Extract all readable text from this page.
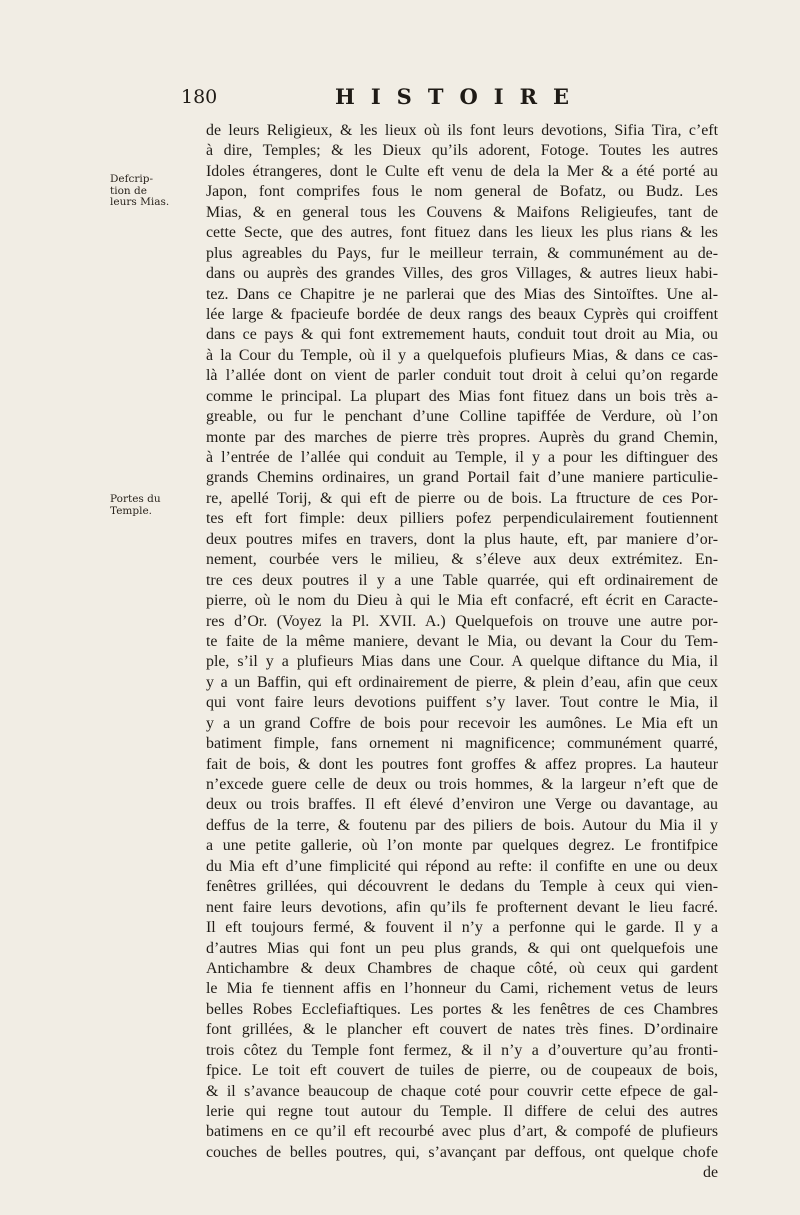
180	HISTOIRE
Defcrip-
tion de
leurs Mias.
Portes du
Temple.
de leurs Religieux, & les lieux où ils font leurs devotions, Sifia Tira, c’eft
à dire, Temples; & les Dieux qu’ils adorent, Fotoge. Toutes les autres
Idoles étrangeres, dont le Culte eft venu de dela la Mer & a été porté au
Japon, font comprifes fous le nom general de Bofatz, ou Budz. Les
Mias, & en general tous les Couvens & Maifons Religieufes, tant de
cette Secte, que des autres, font fituez dans les lieux les plus rians & les
plus agreables du Pays, fur le meilleur terrain, & communément au de-
dans ou auprès des grandes Villes, des gros Villages, & autres lieux habi-
tez. Dans ce Chapitre je ne parlerai que des Mias des Sintoïftes. Une al-
lée large & fpacieufe bordée de deux rangs des beaux Cyprès qui croiffent
dans ce pays & qui font extremement hauts, conduit tout droit au Mia, ou
à la Cour du Temple, où il y a quelquefois plufieurs Mias, & dans ce cas-
là l’allée dont on vient de parler conduit tout droit à celui qu’on regarde
comme le principal. La plupart des Mias font fituez dans un bois très a-
greable, ou fur le penchant d’une Colline tapiffée de Verdure, où l’on
monte par des marches de pierre très propres. Auprès du grand Chemin,
à l’entrée de l’allée qui conduit au Temple, il y a pour les diftinguer des
grands Chemins ordinaires, un grand Portail fait d’une maniere particulie-
re, apellé Torij, & qui eft de pierre ou de bois. La ftructure de ces Por-
tes eft fort fimple: deux pilliers pofez perpendiculairement foutiennent
deux poutres mifes en travers, dont la plus haute, eft, par maniere d’or-
nement, courbée vers le milieu, & s’éleve aux deux extrémitez. En-
tre ces deux poutres il y a une Table quarrée, qui eft ordinairement de
pierre, où le nom du Dieu à qui le Mia eft confacré, eft écrit en Caracte-
res d’Or. (Voyez la Pl. XVII. A.) Quelquefois on trouve une autre por-
te faite de la même maniere, devant le Mia, ou devant la Cour du Tem-
ple, s’il y a plufieurs Mias dans une Cour. A quelque diftance du Mia, il
y a un Baffin, qui eft ordinairement de pierre, & plein d’eau, afin que ceux
qui vont faire leurs devotions puiffent s’y laver. Tout contre le Mia, il
y a un grand Coffre de bois pour recevoir les aumônes. Le Mia eft un
batiment fimple, fans ornement ni magnificence; communément quarré,
fait de bois, & dont les poutres font groffes & affez propres. La hauteur
n’excede guere celle de deux ou trois hommes, & la largeur n’eft que de
deux ou trois braffes. Il eft élevé d’environ une Verge ou davantage, au
deffus de la terre, & foutenu par des piliers de bois. Autour du Mia il y
a une petite gallerie, où l’on monte par quelques degrez. Le frontifpice
du Mia eft d’une fimplicité qui répond au refte: il confifte en une ou deux
fenêtres grillées, qui découvrent le dedans du Temple à ceux qui vien-
nent faire leurs devotions, afin qu’ils fe profternent devant le lieu facré.
Il eft toujours fermé, & fouvent il n’y a perfonne qui le garde. Il y a
d’autres Mias qui font un peu plus grands, & qui ont quelquefois une
Antichambre & deux Chambres de chaque côté, où ceux qui gardent
le Mia fe tiennent affis en l’honneur du Cami, richement vetus de leurs
belles Robes Ecclefiaftiques. Les portes & les fenêtres de ces Chambres
font grillées, & le plancher eft couvert de nates très fines. D’ordinaire
trois côtez du Temple font fermez, & il n’y a d’ouverture qu’au fronti-
fpice. Le toit eft couvert de tuiles de pierre, ou de coupeaux de bois,
& il s’avance beaucoup de chaque coté pour couvrir cette efpece de gal-
lerie qui regne tout autour du Temple. Il differe de celui des autres
batimens en ce qu’il eft recourbé avec plus d’art, & compofé de plufieurs
couches de belles poutres, qui, s’avançant par deffous, ont quelque chofe
de
